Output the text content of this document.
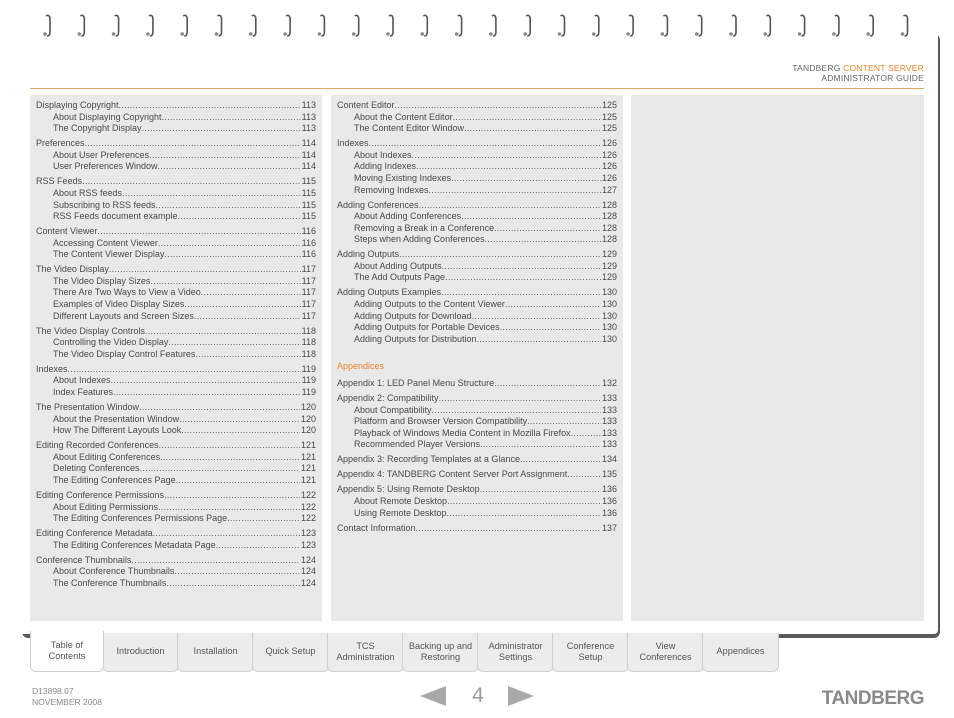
TANDBERG CONTENT SERVER
ADMINISTRATOR GUIDE
Displaying Copyright .....	113
About Displaying Copyright .....	113
The Copyright Display .....	113
Preferences .....	114
About User Preferences .....	114
User Preferences Window .....	114
RSS Feeds .....	115
About RSS feeds .....	115
Subscribing to RSS feeds .....	115
RSS Feeds document example .....	115
Content Viewer .....	116
Accessing Content Viewer .....	116
The Content Viewer Display .....	116
The Video Display .....	117
The Video Display Sizes .....	117
There Are Two Ways to View a Video .....	117
Examples of Video Display Sizes .....	117
Different Layouts and Screen Sizes .....	117
The Video Display Controls .....	118
Controlling the Video Display .....	118
The Video Display Control Features .....	118
Indexes .....	119
About Indexes .....	119
Index Features .....	119
The Presentation Window .....	120
About the Presentation Window .....	120
How The Different Layouts Look .....	120
Editing Recorded Conferences .....	121
About Editing Conferences .....	121
Deleting Conferences .....	121
The Editing Conferences Page .....	121
Editing Conference Permissions .....	122
About Editing Permissions .....	122
The Editing Conferences Permissions Page .....	122
Editing Conference Metadata .....	123
The Editing Conferences Metadata Page .....	123
Conference Thumbnails .....	124
About Conference Thumbnails .....	124
The Conference Thumbnails .....	124
Content Editor .....	125
About the Content Editor .....	125
The Content Editor Window .....	125
Indexes .....	126
About Indexes .....	126
Adding Indexes .....	126
Moving Existing Indexes .....	126
Removing Indexes .....	127
Adding Conferences .....	128
About Adding Conferences .....	128
Removing a Break in a Conference .....	128
Steps when Adding Conferences .....	128
Adding Outputs .....	129
About Adding Outputs .....	129
The Add Outputs Page .....	129
Adding Outputs Examples .....	130
Adding Outputs to the Content Viewer .....	130
Adding Outputs for Download .....	130
Adding Outputs for Portable Devices .....	130
Adding Outputs for Distribution .....	130
Appendices
Appendix 1: LED Panel Menu Structure .....	132
Appendix 2: Compatibility .....	133
About Compatibility .....	133
Platform and Browser Version Compatibility .....	133
Playback of Windows Media Content in Mozilla Firefox .....	133
Recommended Player Versions .....	133
Appendix 3: Recording Templates at a Glance .....	134
Appendix 4: TANDBERG Content Server Port Assignment .....	135
Appendix 5: Using Remote Desktop .....	136
About Remote Desktop .....	136
Using Remote Desktop .....	136
Contact Information .....	137
Table of
Contents	Introduction	Installation	Quick Setup
TCS
Administration
Backing up and
Restoring
Administrator
Settings
Conference
Setup
View
Conferences
Appendices
D13898.07
NOVEMBER 2008	4	TANDBERG
